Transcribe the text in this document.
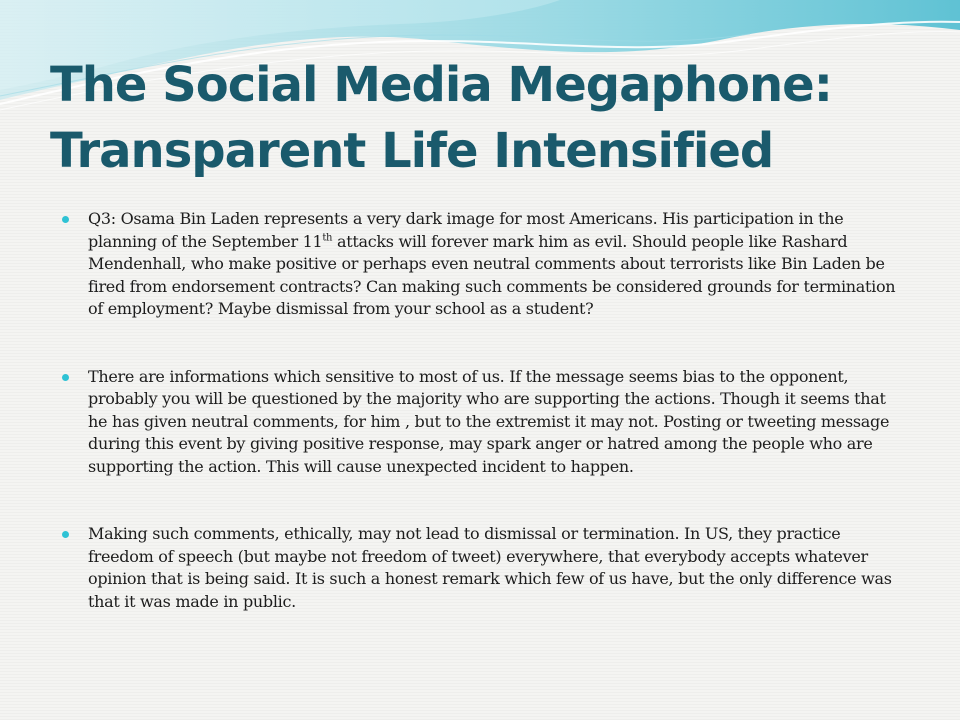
The Social Media Megaphone:
Transparent Life Intensified
Q3: Osama Bin Laden represents a very dark image for most Americans. His participation in the planning of the September 11th attacks will forever mark him as evil. Should people like Rashard Mendenhall, who make positive or perhaps even neutral comments about terrorists like Bin Laden be fired from endorsement contracts? Can making such comments be considered grounds for termination of employment? Maybe dismissal from your school as a student?
There are informations which sensitive to most of us. If the message seems bias to the opponent, probably you will be questioned by the majority who are supporting the actions. Though it seems that he has given neutral comments, for him , but to the extremist it may not. Posting or tweeting message during this event by giving positive response, may spark anger or hatred among the people who are supporting the action. This will cause unexpected incident to happen.
Making such comments, ethically, may not lead to dismissal or termination. In US, they practice freedom of speech (but maybe not freedom of tweet) everywhere, that everybody accepts whatever opinion that is being said. It is such a honest remark which few of us have, but the only difference was that it was made in public.
